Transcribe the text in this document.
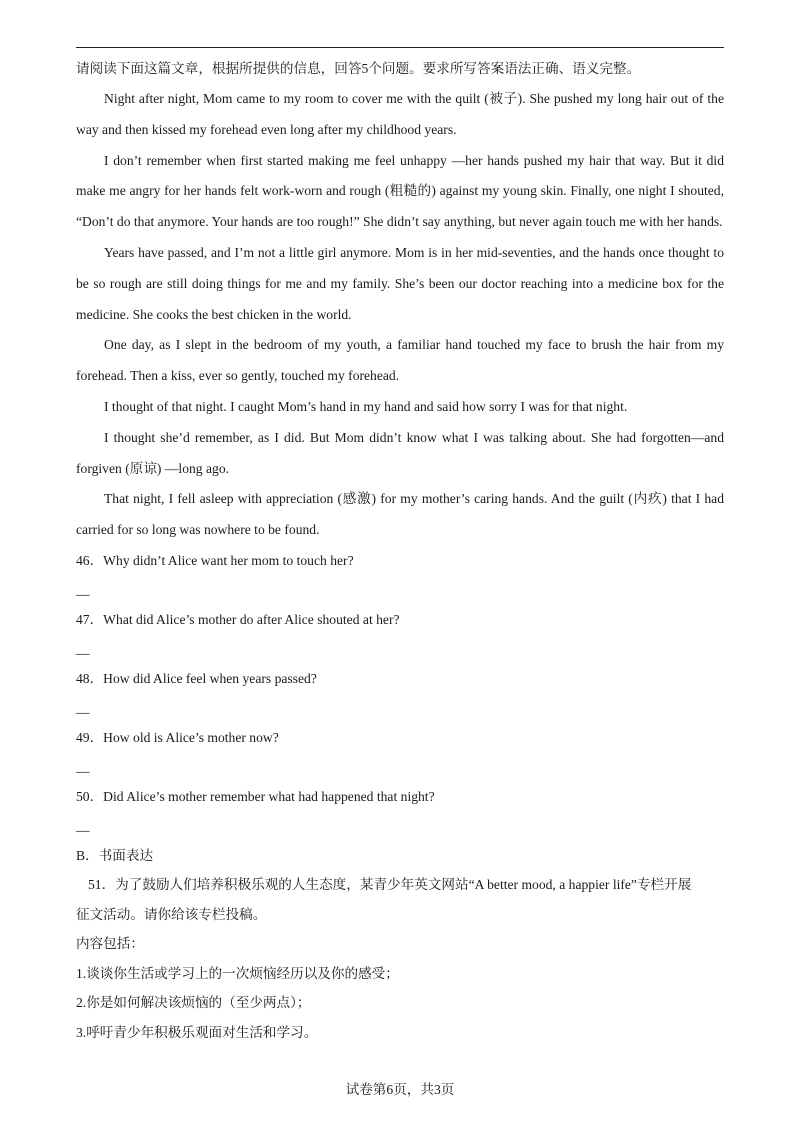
请阅读下面这篇文章，根据所提供的信息，回答5个问题。要求所写答案语法正确、语义完整。

Night after night, Mom came to my room to cover me with the quilt (被子). She pushed my long hair out of the way and then kissed my forehead even long after my childhood years.

I don’t remember when first started making me feel unhappy —her hands pushed my hair that way. But it did make me angry for her hands felt work-worn and rough (粗糙的) against my young skin. Finally, one night I shouted, “Don’t do that anymore. Your hands are too rough!” She didn’t say anything, but never again touch me with her hands.

Years have passed, and I’m not a little girl anymore. Mom is in her mid-seventies, and the hands once thought to be so rough are still doing things for me and my family. She’s been our doctor reaching into a medicine box for the medicine. She cooks the best chicken in the world.

One day, as I slept in the bedroom of my youth, a familiar hand touched my face to brush the hair from my forehead. Then a kiss, ever so gently, touched my forehead.

I thought of that night. I caught Mom’s hand in my hand and said how sorry I was for that night.

I thought she’d remember, as I did. But Mom didn’t know what I was talking about. She had forgotten—and forgiven (原谅) —long ago.

That night, I fell asleep with appreciation (感激) for my mother’s caring hands. And the guilt (内疚) that I had carried for so long was nowhere to be found.

46．Why didn’t Alice want her mom to touch her?

__

47．What did Alice’s mother do after Alice shouted at her?

__

48．How did Alice feel when years passed?

__

49．How old is Alice’s mother now?

__

50．Did Alice’s mother remember what had happened that night?

__

B．书面表达

51．为了鼓励人们培养积极乐观的人生态度，某青少年英文网站“A better mood, a happier life”专栏开展

征文活动。请你给该专栏投稿。

内容包括：

1.谈谈你生活或学习上的一次烦恼经历以及你的感受；

2.你是如何解决该烦恼的（至少两点）；

3.呼吁青少年积极乐观面对生活和学习。

试卷第6页，共3页
